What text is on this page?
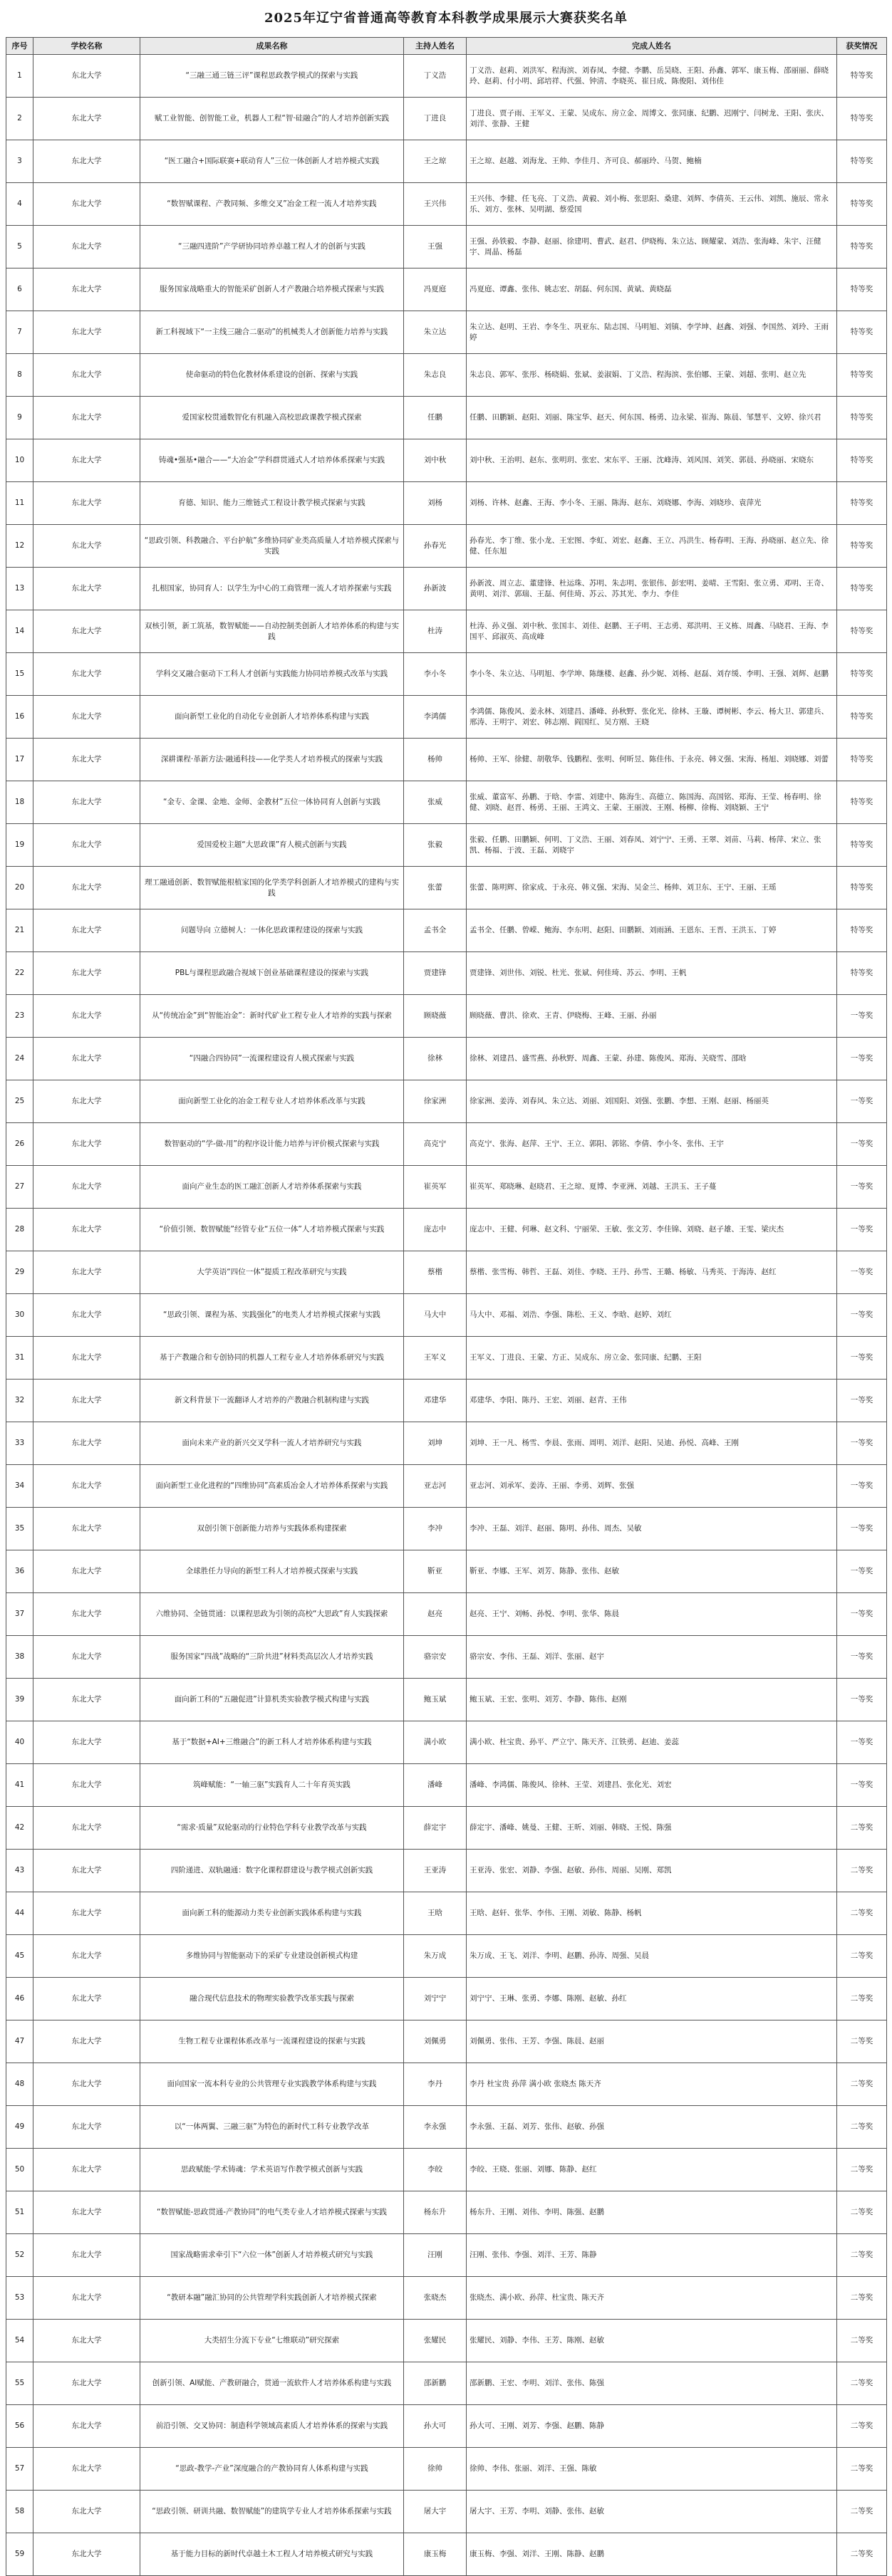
2025年辽宁省普通高等教育本科教学成果展示大赛获奖名单
序号	学校名称	成果名称	主持人姓名	完成人姓名	获奖情况

1	东北大学	“三融三通三链三评”课程思政教学模式的探索与实践	丁义浩	丁义浩、赵莉、刘洪军、程海滨、刘春凤、李健、李鹏、岳昊晓、王阳、孙鑫、郭军、康玉梅、邵丽丽、薛晓玲、赵莉、付小明、邱培祥、代强、钟清、李晓英、崔日成、陈俊阳、刘伟佳	特等奖

2	东北大学	赋工业智能、创智能工业，机器人工程“智·硅融合”的人才培养创新实践	丁进良	丁进良、贾子雨、王军义、王蒙、吴成东、房立金、周博文、张同康、纪鹏、迟刚宁、闫树龙、王阳、张庆、刘洋、张静、王健	特等奖

3	东北大学	“医工融合+国际联赛+联动育人”三位一体创新人才培养模式实践	王之琼	王之琼、赵越、刘海龙、王帅、李佳月、齐可良、郝丽玲、马贺、鲍楠	特等奖

4	东北大学	“数智赋课程、产教同频、多维交叉”冶金工程一流人才培养实践	王兴伟	王兴伟、李健、任飞亮、丁义浩、黄毅、刘小梅、张思阳、桑建、刘辉、李倩英、王云伟、刘凯、施辰、常永乐、刘方、张林、吴明湖、蔡爱国	特等奖

5	东北大学	“三融四进阶”产学研协同培养卓越工程人才的创新与实践	王强	王强、孙铁毅、李静、赵丽、徐建明、曹武、赵君、伊晓梅、朱立达、顾耀蒙、刘浩、张海峰、朱宇、汪健宇、周晶、杨磊	特等奖

6	东北大学	服务国家战略重大的智能采矿创新人才产教融合培养模式探索与实践	冯夏庭	冯夏庭、谭鑫、张伟、姚志宏、胡磊、何东国、黄斌、黄晓磊	特等奖

7	东北大学	新工科视域下“一主线三融合二驱动”的机械类人才创新能力培养与实践	朱立达	朱立达、赵明、王岩、李冬生、巩亚东、陆志国、马明旭、刘镇、李学坤、赵鑫、刘强、李国然、刘玲、王雨婷	特等奖

8	东北大学	使命驱动的特色化教材体系建设的创新、探索与实践	朱志良	朱志良、郭军、张彤、杨晓娟、张斌、姜淑娟、丁义浩、程海滨、张伯娜、王蒙、刘超、张明、赵立先	特等奖

9	东北大学	爱国家校贯通数智化有机融入高校思政课教学模式探索	任鹏	任鹏、田鹏颖、赵阳、刘丽、陈宝华、赵天、何东国、杨勇、边永梁、崔海、陈晨、邹慧平、文婷、徐兴君	特等奖

10	东北大学	铸魂•强基•融合——“大冶金”学科群贯通式人才培养体系探索与实践	刘中秋	刘中秋、王治明、赵东、张明玥、张宏、宋东平、王丽、沈峰涛、刘风国、刘笑、郭晨、孙晓丽、宋晓东	特等奖

11	东北大学	育德、知识、能力三维链式工程设计教学模式探索与实践	刘杨	刘杨、许林、赵鑫、王海、李小冬、王丽、陈海、赵东、刘晓娜、李海、刘晓珍、袁萍光	特等奖

12	东北大学	“思政引领、科教融合、平台护航”多维协同矿业类高质量人才培养模式探索与实践	孙春光	孙春光、李丁维、张小龙、王宏图、李虹、刘宏、赵鑫、王立、冯洪生、杨春明、王海、孙晓丽、赵立先、徐健、任东旭	特等奖

13	东北大学	扎根国家，协同育人：以学生为中心的工商管理一流人才培养探索与实践	孙新波	孙新波、周立志、董建锋、杜运珠、苏明、朱志明、张银伟、彭宏明、姜晴、王雪阳、张立勇、邓明、王奇、黄明、刘洋、郭瑞、王磊、何佳琦、苏云、苏其光、李力、李佳	特等奖

14	东北大学	双核引领，新工筑基，数智赋能——自动控制类创新人才培养体系的构建与实践	杜涛	杜涛、孙义强、刘中秋、张国丰、刘佳、赵鹏、王子明、王志勇、郑洪明、王义栋、周鑫、马晓君、王海、李国平、邱淑英、高成峰	特等奖

15	东北大学	学科交叉融合驱动下工科人才创新与实践能力协同培养模式改革与实践	李小冬	李小冬、朱立达、马明旭、李学坤、陈继楼、赵鑫、孙少妮、刘杨、赵磊、刘存缓、李明、王强、刘辉、赵鹏	特等奖

16	东北大学	面向新型工业化的自动化专业创新人才培养体系构建与实践	李鸿儒	李鸿儒、陈俊风、姜永林、刘建昌、潘峰、孙秋野、张化光、徐林、王璇、谭树彬、李云、杨大卫、郭建兵、邢涛、王明宇、刘宏、韩志刚、阎国红、吴方刚、王晓	特等奖

17	东北大学	深耕课程·革新方法·融通科技——化学类人才培养模式的探索与实践	杨帅	杨帅、王军、徐健、胡敬华、钱鹏程、张明、何昕昱、陈佳伟、于永亮、韩义强、宋海、杨旭、刘晓娜、刘蕾	特等奖

18	东北大学	“金专、金课、金地、金师、金教材”五位一体协同育人创新与实践	张威	张威、董富军、孙鹏、于晗、李雷、刘建中、陈海生、高德立、陈国海、高国铭、郑海、王莹、杨春明、徐健、刘晓、赵晋、杨勇、王丽、王鸿文、王蒙、王丽波、王刚、杨柳、徐梅、刘晓颖、王宁	特等奖

19	东北大学	爱国爱校主题“大思政课”育人模式创新与实践	张毅	张毅、任鹏、田鹏颖、何明、丁义浩、王丽、刘春凤、刘宁宁、王勇、王翠、刘苗、马莉、杨萍、宋立、张凯、杨福、于波、王磊、刘晓宇	特等奖

20	东北大学	理工融通创新、数智赋能根植家国的化学类学科创新人才培养模式的建构与实践	张蕾	张蕾、陈明辉、徐家成、于永亮、韩义强、宋海、吴金兰、杨帅、刘卫东、王宁、王丽、王瑶	特等奖

21	东北大学	问题导向 立德树人：一体化思政课程建设的探索与实践	孟书全	孟书全、任鹏、曾嵘、鲍海、李东明、赵阳、田鹏颖、刘雨涵、王恩东、王晋、王洪玉、丁婷	特等奖

22	东北大学	PBL与课程思政融合视域下创业基础课程建设的探索与实践	贾建锋	贾建锋、刘世伟、刘锐、杜光、张斌、何佳琦、苏云、李明、王帆	特等奖

23	东北大学	从“传统冶金”到“智能冶金”：新时代矿业工程专业人才培养的实践与探索	顾晓薇	顾晓薇、曹洪、徐欢、王青、伊晓梅、王峰、王丽、孙丽	一等奖

24	东北大学	“四融合四协同”一流课程建设育人模式探索与实践	徐林	徐林、刘建昌、盛雪燕、孙秋野、周鑫、王蒙、孙建、陈俊风、郑海、关晓雪、邵晗	一等奖

25	东北大学	面向新型工业化的冶金工程专业人才培养体系改革与实践	徐家洲	徐家洲、姜涛、刘春风、朱立达、刘丽、刘国阳、刘强、张鹏、李想、王刚、赵丽、杨丽英	一等奖

26	东北大学	数智驱动的“学-做-用”的程序设计能力培养与评价模式探索与实践	高克宁	高克宁、张海、赵萍、王宁、王立、郭阳、郭铭、李倩、李小冬、张伟、王宇	一等奖

27	东北大学	面向产业生态的医工融汇创新人才培养体系探索与实践	崔英军	崔英军、郑晓琳、赵晓君、王之琼、夏博、李亚洲、刘越、王洪玉、王子蔓	一等奖

28	东北大学	“价值引领、数智赋能”经管专业“五位一体”人才培养模式探索与实践	庞志中	庞志中、王健、何琳、赵文科、宁丽荣、王敏、张文芳、李佳锦、刘晓、赵子雄、王雯、梁庆杰	一等奖

29	东北大学	大学英语“四位一体”提质工程改革研究与实践	蔡楷	蔡楷、张雪梅、韩哲、王磊、刘佳、李晓、王丹、孙雪、王璐、杨敏、马秀英、于海涛、赵红	一等奖

30	东北大学	“思政引领、课程为基、实践强化”的电类人才培养模式探索与实践	马大中	马大中、邓福、刘浩、李强、陈松、王义、李晗、赵婷、刘红	一等奖

31	东北大学	基于产教融合和专创协同的机器人工程专业人才培养体系研究与实践	王军义	王军义、丁进良、王蒙、方正、吴成东、房立金、张同康、纪鹏、王阳	一等奖

32	东北大学	新文科背景下一流翻译人才培养的产教融合机制构建与实践	邓建华	邓建华、李阳、陈丹、王宏、刘丽、赵青、王伟	一等奖

33	东北大学	面向未来产业的新兴交叉学科一流人才培养研究与实践	刘坤	刘坤、王一凡、杨雪、李晨、张雨、周明、刘洋、赵阳、吴迪、孙悦、高峰、王刚	一等奖

34	东北大学	面向新型工业化进程的“四维协同”高素质冶金人才培养体系探索与实践	亚志河	亚志河、刘承军、姜涛、王丽、李勇、刘辉、张强	一等奖

35	东北大学	双创引领下创新能力培养与实践体系构建探索	李冲	李冲、王磊、刘洋、赵丽、陈明、孙伟、周杰、吴敏	一等奖

36	东北大学	全球胜任力导向的新型工科人才培养模式探索与实践	靳亚	靳亚、李娜、王军、刘芳、陈静、张伟、赵敏	一等奖

37	东北大学	六维协同、全链贯通：以课程思政为引领的高校“大思政”育人实践探索	赵亮	赵亮、王宁、刘畅、孙悦、李明、张华、陈晨	一等奖

38	东北大学	服务国家“四战”战略的“三阶共进”材料类高层次人才培养实践	骆宗安	骆宗安、李伟、王磊、刘洋、张丽、赵宇	一等奖

39	东北大学	面向新工科的“五融促进”计算机类实验教学模式构建与实践	鲍玉斌	鲍玉斌、王宏、张明、刘芳、李静、陈伟、赵刚	一等奖

40	东北大学	基于“数据+AI+三维融合”的新工科人才培养体系构建与实践	满小欧	满小欧、杜宝贵、孙平、严立宁、陈天齐、江铁勇、赵迪、姜蕊	一等奖

41	东北大学	筑峰赋能：“一轴三驱”实践育人二十年育英实践	潘峰	潘峰、李鸿儒、陈俊风、徐林、王莹、刘建昌、张化光、刘宏	一等奖

42	东北大学	“需求·质量”双轮驱动的行业特色学科专业教学改革与实践	薛定宇	薛定宇、潘峰、姚曼、王健、王昕、刘丽、韩晓、王悦、陈强	二等奖

43	东北大学	四阶递进、双轨融通：数字化课程群建设与教学模式创新实践	王亚涛	王亚涛、张宏、刘静、李强、赵敏、孙伟、周丽、吴刚、郑凯	二等奖

44	东北大学	面向新工科的能源动力类专业创新实践体系构建与实践	王晗	王晗、赵轩、张华、李伟、王刚、刘敏、陈静、杨帆	二等奖

45	东北大学	多维协同与智能驱动下的采矿专业建设创新模式构建	朱万成	朱万成、王飞、刘洋、李明、赵鹏、孙涛、周强、吴晨	二等奖

46	东北大学	融合现代信息技术的物理实验教学改革实践与探索	刘宁宁	刘宁宁、王琳、张勇、李娜、陈刚、赵敏、孙红	二等奖

47	东北大学	生物工程专业课程体系改革与一流课程建设的探索与实践	刘佩勇	刘佩勇、张伟、王芳、李强、陈晨、赵丽	二等奖

48	东北大学	面向国家一流本科专业的公共管理专业实践教学体系构建与实践	李丹	李丹 杜宝贵 孙萍 满小欧 张晓杰 陈天齐	二等奖

49	东北大学	以“一体两翼、三融三驱”为特色的新时代工科专业教学改革	李永强	李永强、王磊、刘芳、张伟、赵敏、孙强	二等奖

50	东北大学	思政赋能·学术铸魂：学术英语写作教学模式创新与实践	李皎	李皎、王晓、张丽、刘娜、陈静、赵红	二等奖

51	东北大学	“数智赋能-思政贯通-产教协同”的电气类专业人才培养模式探索与实践	杨东升	杨东升、王刚、刘伟、李明、陈强、赵鹏	二等奖

52	东北大学	国家战略需求牵引下“六位一体”创新人才培养模式研究与实践	汪刚	汪刚、张伟、李强、刘洋、王芳、陈静	二等奖

53	东北大学	“教研本融”融汇协同的公共管理学科实践创新人才培养模式探索	张晓杰	张晓杰、满小欧、孙萍、杜宝贵、陈天齐	二等奖

54	东北大学	大类招生分流下专业“七维联动”研究探索	张耀民	张耀民、刘静、李伟、王芳、陈刚、赵敏	二等奖

55	东北大学	创新引领、AI赋能、产教研融合，贯通一流软件人才培养体系构建与实践	邵新鹏	邵新鹏、王宏、李明、刘洋、张伟、陈强	二等奖

56	东北大学	前沿引领、交叉协同：制造科学领域高素质人才培养体系的探索与实践	孙大可	孙大可、王刚、刘芳、李强、赵鹏、陈静	二等奖

57	东北大学	“思政-教学-产业”深度融合的产教协同育人体系构建与实践	徐帅	徐帅、李伟、张丽、刘洋、王强、陈敏	二等奖

58	东北大学	“思政引领、研训共融、数智赋能”的建筑学专业人才培养体系探索与实践	屠大宇	屠大宇、王芳、李明、刘静、张伟、赵敏	二等奖

59	东北大学	基于能力目标的新时代卓越土木工程人才培养模式研究与实践	康玉梅	康玉梅、李强、刘洋、王刚、陈静、赵鹏	二等奖
